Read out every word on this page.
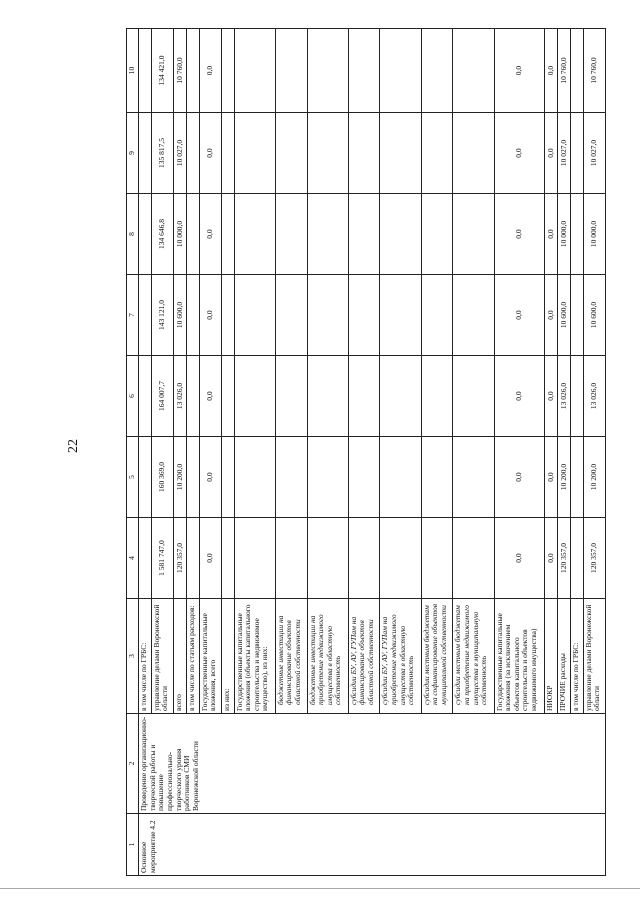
22
1	2	3	4	5	6	7	8	9	10
Основное мероприятие 4.2	Проведение организационно-творческой работы и повышение профессионально-творческого уровня работников СМИ Воронежской области	в том числе по ГРБС:							
		управление делами Воронежской области	1 581 747,0	160 369,0	164 007,7	143 121,0	134 646,8	135 817,5	134 421,0
		всего	120 357,0	10 200,0	13 026,0	10 600,0	10 000,0	10 027,0	10 760,0
		в том числе по статьям расходов:							
		Государственные капитальные вложения, всего	0,0	0,0	0,0	0,0	0,0	0,0	0,0
		из них:							
		Государственные капитальные вложения (объекты капитального строительства и недвижимое имущество), из них:							
		бюджетные инвестиции на финансирование объектов областной собственности							
		бюджетные инвестиции на приобретение недвижимого имущества в областную собственность							
		субсидии БУ, АУ, ГУПам на финансирование объектов областной собственности							
		субсидии БУ, АУ, ГУПам на приобретение недвижимого имущества в областную собственность							
		субсидии местным бюджетам на софинансирование объектов муниципальной собственности							
		субсидии местным бюджетам на приобретение недвижимого имущества в муниципальную собственность							
		Государственные капитальные вложения (за исключением объектов капитального строительства и объектов недвижимого имущества)	0,0	0,0	0,0	0,0	0,0	0,0	0,0
		НИОКР	0,0	0,0	0,0	0,0	0,0	0,0	0,0
		ПРОЧИЕ расходы	120 357,0	10 200,0	13 026,0	10 600,0	10 000,0	10 027,0	10 760,0
		в том числе по ГРБС:							
		управление делами Воронежской области	120 357,0	10 200,0	13 026,0	10 600,0	10 000,0	10 027,0	10 760,0
